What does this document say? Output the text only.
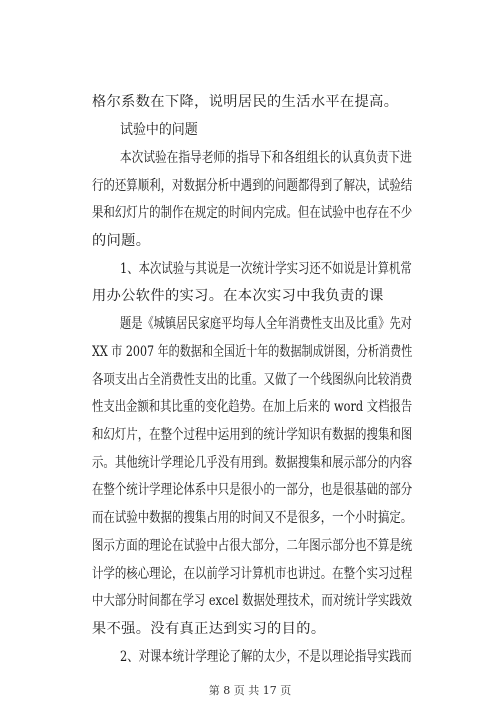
格尔系数在下降，说明居民的生活水平在提高。
试验中的问题
本次试验在指导老师的指导下和各组组长的认真负责下进
行的还算顺利，对数据分析中遇到的问题都得到了解决，试验结
果和幻灯片的制作在规定的时间内完成。但在试验中也存在不少
的问题。
1、本次试验与其说是一次统计学实习还不如说是计算机常
用办公软件的实习。在本次实习中我负责的课
题是《城镇居民家庭平均每人全年消费性支出及比重》先对
XX 市 2007 年的数据和全国近十年的数据制成饼图，分析消费性
各项支出占全消费性支出的比重。又做了一个线图纵向比较消费
性支出金额和其比重的变化趋势。在加上后来的 word 文档报告
和幻灯片，在整个过程中运用到的统计学知识有数据的搜集和图
示。其他统计学理论几乎没有用到。数据搜集和展示部分的内容
在整个统计学理论体系中只是很小的一部分，也是很基础的部分
而在试验中数据的搜集占用的时间又不是很多，一个小时搞定。
图示方面的理论在试验中占很大部分，二年图示部分也不算是统
计学的核心理论，在以前学习计算机市也讲过。在整个实习过程
中大部分时间都在学习 excel 数据处理技术，而对统计学实践效
果不强。没有真正达到实习的目的。
2、对课本统计学理论了解的太少，不是以理论指导实践而
第 8 页 共 17 页
